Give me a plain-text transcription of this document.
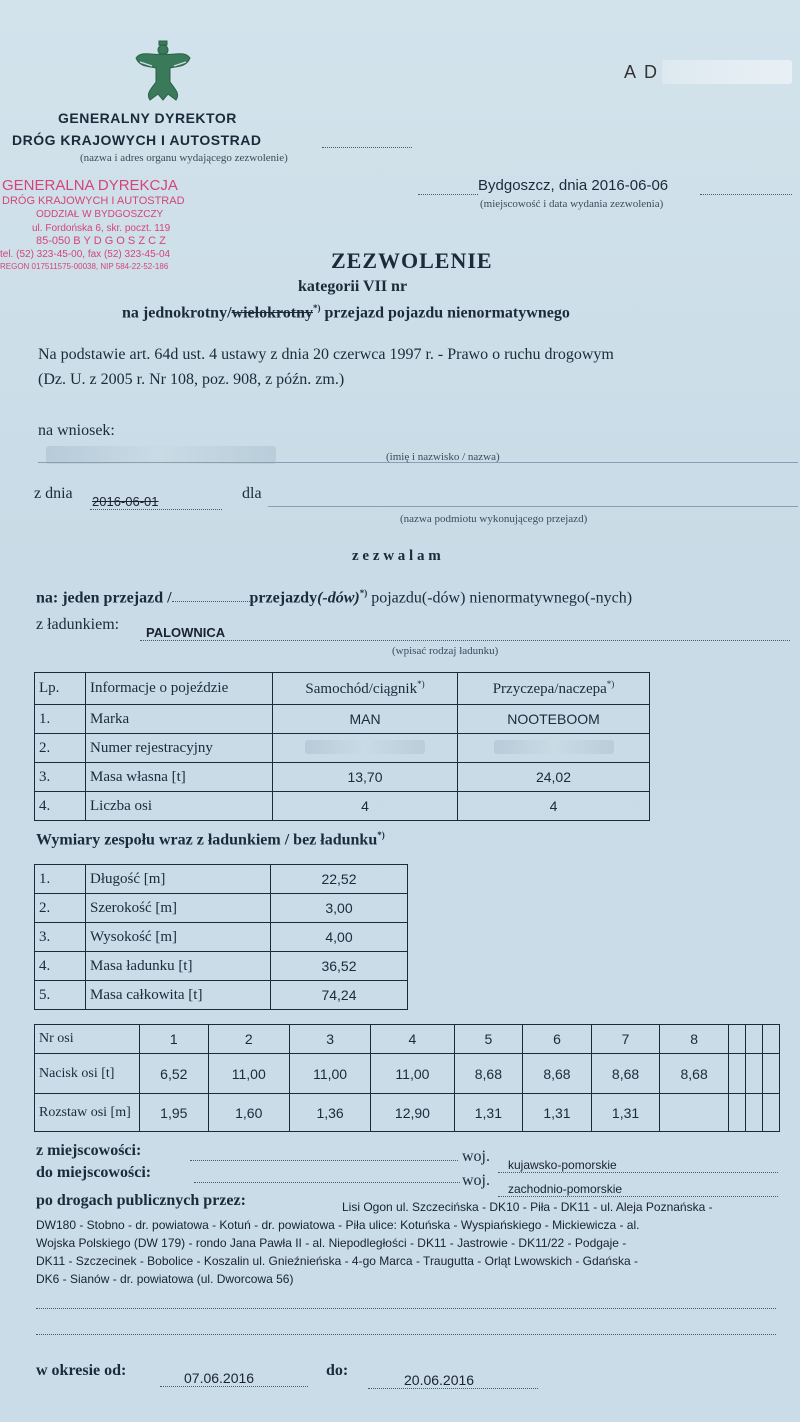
GENERALNY DYREKTOR
DRÓG KRAJOWYCH I AUTOSTRAD
(nazwa i adres organu wydającego zezwolenie)
A D
GENERALNA DYREKCJA
DRÓG KRAJOWYCH I AUTOSTRAD
ODDZIAŁ W BYDGOSZCZY
ul. Fordońska 6, skr. poczt. 119
85-050 B Y D G O S Z C Z
tel. (52) 323-45-00, fax (52) 323-45-04
REGON 017511575-00038, NIP 584-22-52-186
Bydgoszcz, dnia 2016-06-06
(miejscowość i data wydania zezwolenia)
ZEZWOLENIE
kategorii VII nr
na jednokrotny/wielokrotny*) przejazd pojazdu nienormatywnego
Na podstawie art. 64d ust. 4 ustawy z dnia 20 czerwca 1997 r. - Prawo o ruchu drogowym
(Dz. U. z 2005 r. Nr 108, poz. 908, z późn. zm.)
na wniosek:
(imię i nazwisko / nazwa)
z dnia 2016-06-01	dla
(nazwa podmiotu wykonującego przejazd)
z e z w a l a m
na: jeden przejazd /	przejazdy(-dów)*) pojazdu(-dów) nienormatywnego(-nych)
z ładunkiem: PALOWNICA
(wpisać rodzaj ładunku)
Lp.	Informacje o pojeździe	Samochód/ciągnik*)	Przyczepa/naczepa*)
1.	Marka	MAN	NOOTEBOOM
2.	Numer rejestracyjny		
3.	Masa własna [t]	13,70	24,02
4.	Liczba osi	4	4
Wymiary zespołu wraz z ładunkiem / bez ładunku*)
1.	Długość [m]	22,52
2.	Szerokość [m]	3,00
3.	Wysokość [m]	4,00
4.	Masa ładunku [t]	36,52
5.	Masa całkowita [t]	74,24
Nr osi	1	2	3	4	5	6	7	8			
Nacisk osi [t]	6,52	11,00	11,00	11,00	8,68	8,68	8,68	8,68			
Rozstaw osi [m]	1,95	1,60	1,36	12,90	1,31	1,31	1,31				
z miejscowości:	woj. kujawsko-pomorskie
do miejscowości:	woj. zachodnio-pomorskie
po drogach publicznych przez:	Lisi Ogon ul. Szczecińska - DK10 - Piła - DK11 - ul. Aleja Poznańska -
DW180 - Stobno - dr. powiatowa - Kotuń - dr. powiatowa - Piła ulice: Kotuńska - Wyspiańskiego - Mickiewicza - al.
Wojska Polskiego (DW 179) - rondo Jana Pawła II - al. Niepodległości - DK11 - Jastrowie - DK11/22 - Podgaje -
DK11 - Szczecinek - Bobolice - Koszalin ul. Gnieźnieńska - 4-go Marca - Traugutta - Orląt Lwowskich - Gdańska -
DK6 - Sianów - dr. powiatowa (ul. Dworcowa 56)
w okresie od:	07.06.2016	do:
20.06.2016
